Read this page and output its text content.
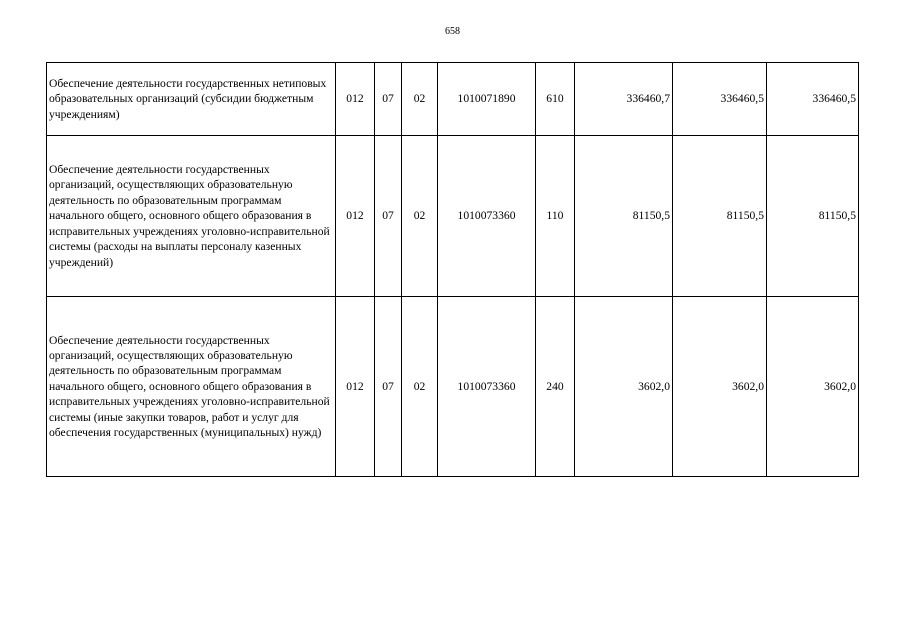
658
Обеспечение деятельности государственных нетиповых образовательных организаций (субсидии бюджетным учреждениям)	012	07	02	1010071890	610	336460,7	336460,5	336460,5
Обеспечение деятельности государственных организаций, осуществляющих образовательную деятельность по образовательным программам начального общего, основного общего образования в исправительных учреждениях уголовно-исправительной системы (расходы на выплаты персоналу казенных учреждений)	012	07	02	1010073360	110	81150,5	81150,5	81150,5
Обеспечение деятельности государственных организаций, осуществляющих образовательную деятельность по образовательным программам начального общего, основного общего образования в исправительных учреждениях уголовно-исправительной системы (иные закупки товаров, работ и услуг для обеспечения государственных (муниципальных) нужд)	012	07	02	1010073360	240	3602,0	3602,0	3602,0
